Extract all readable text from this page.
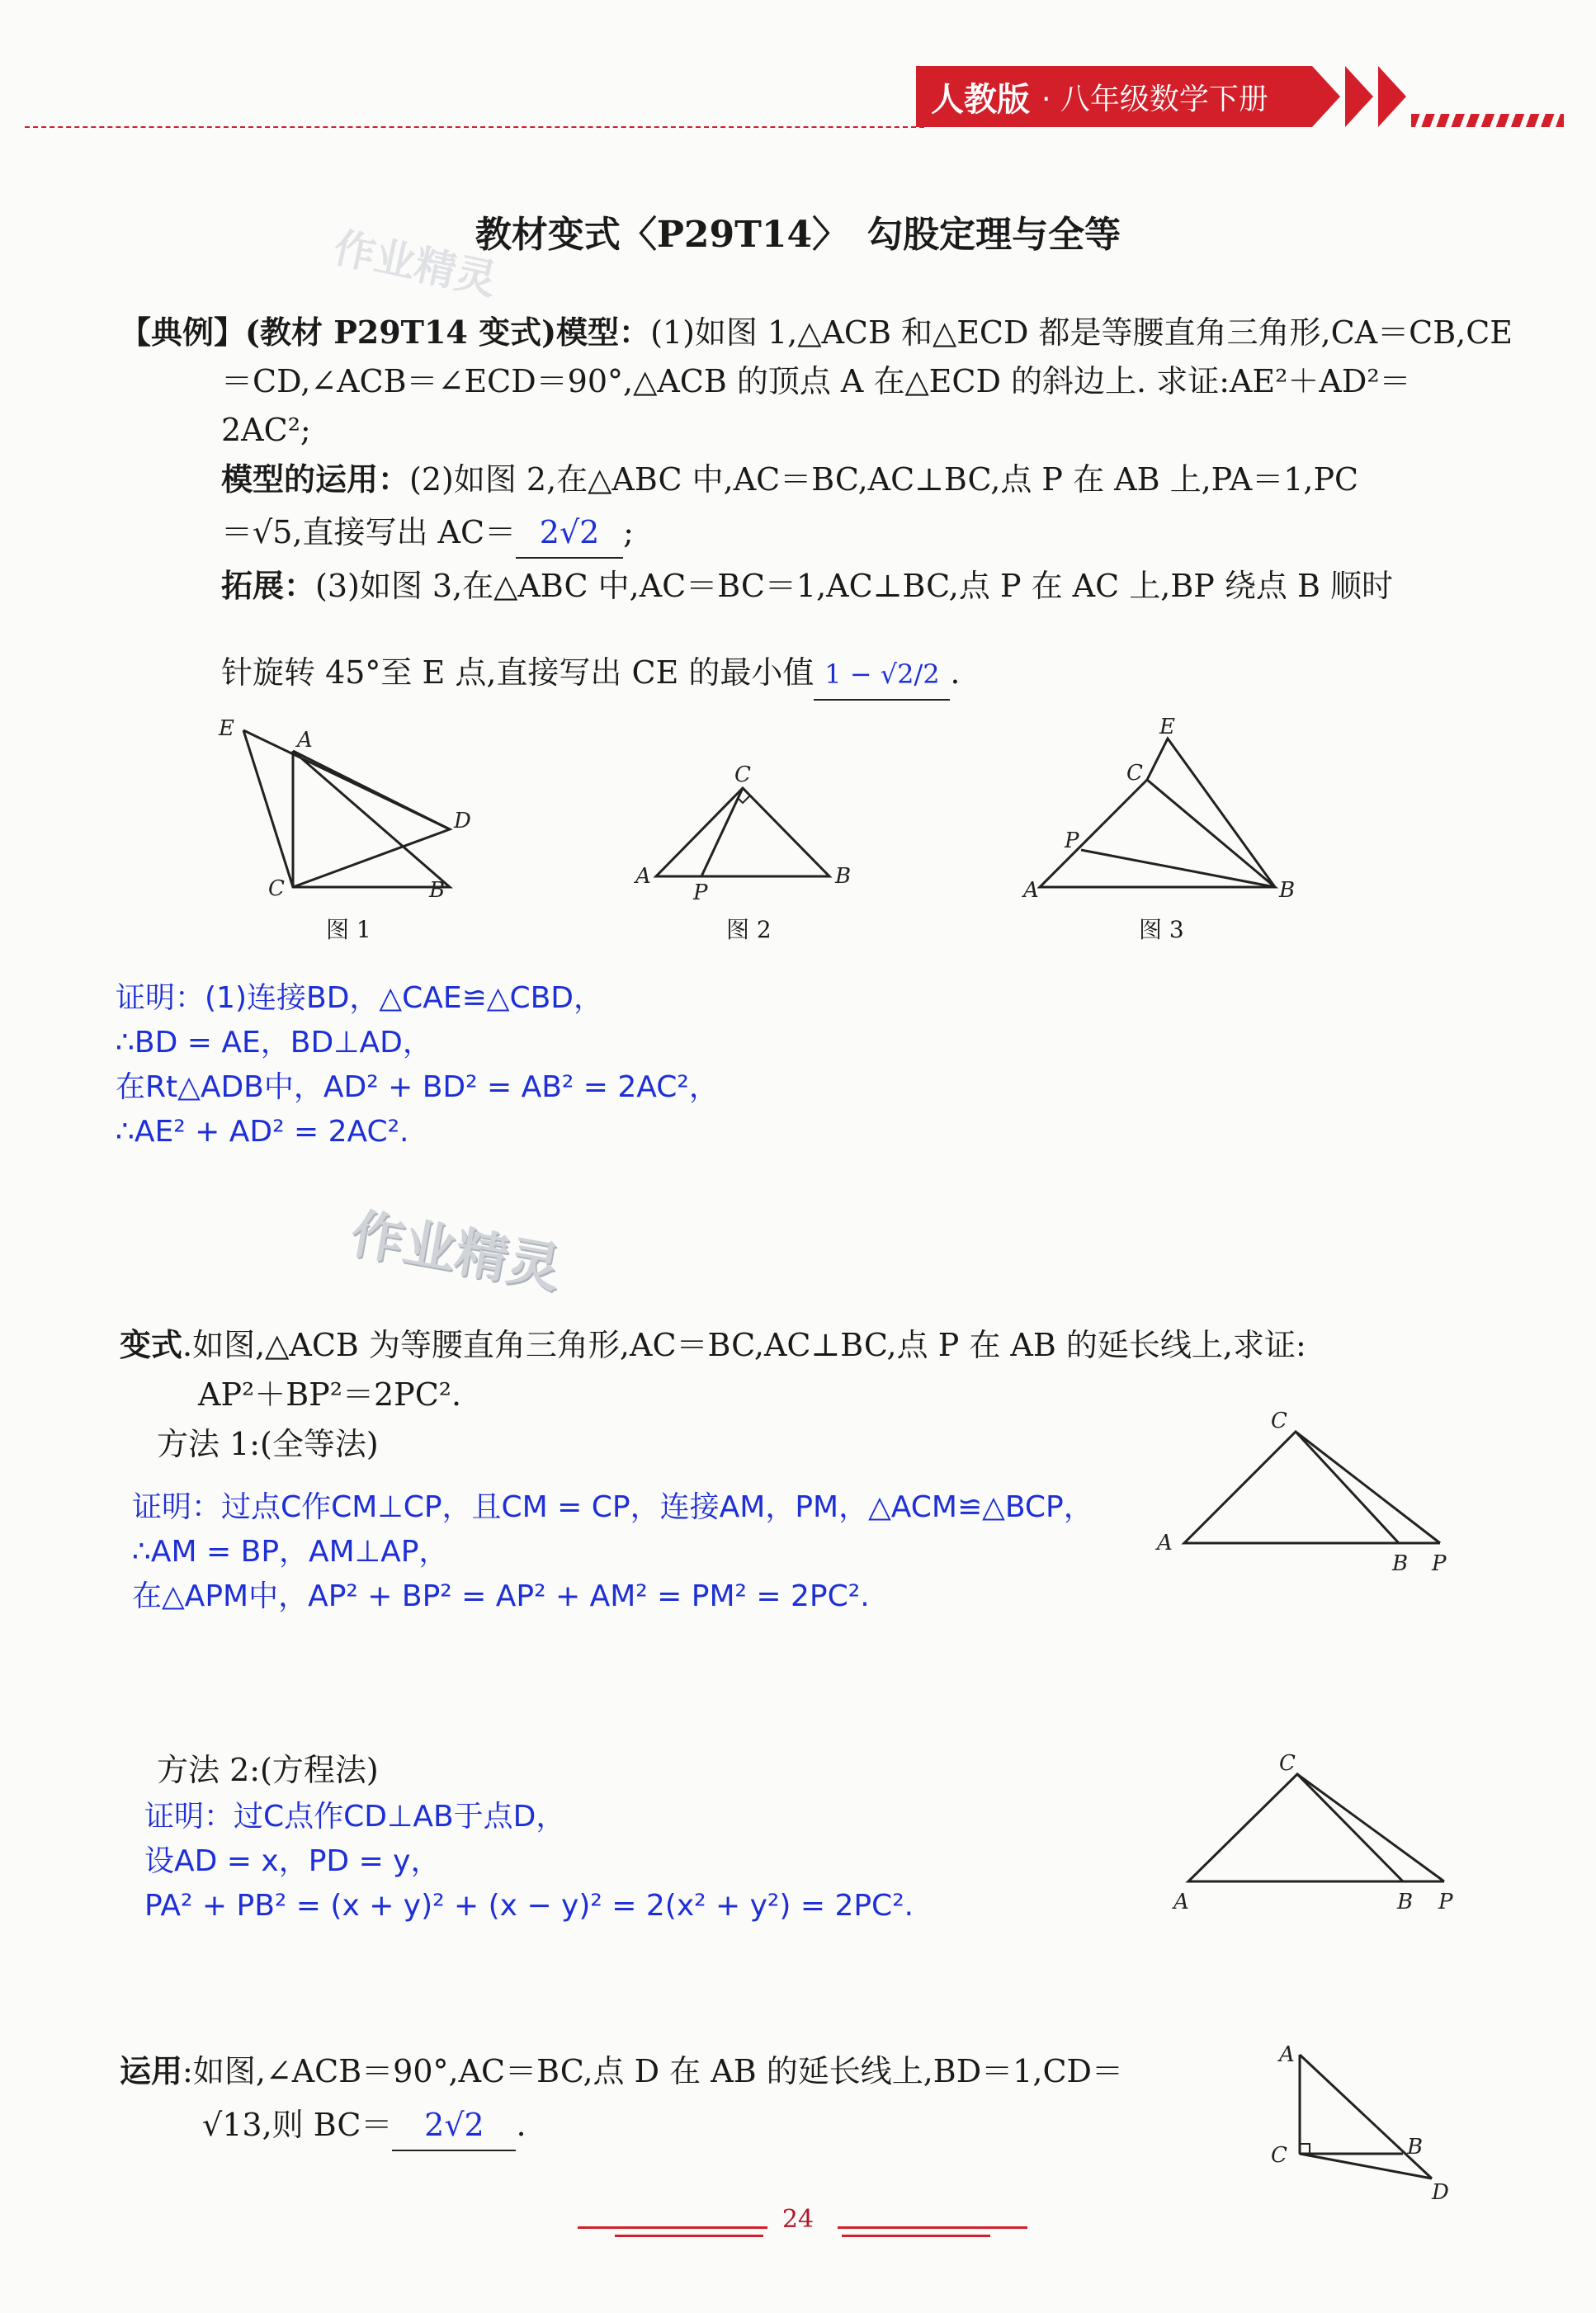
人教版 · 八年级数学下册
作业精灵
教材变式〈P29T14〉　勾股定理与全等
【典例】(教材 P29T14 变式)模型：(1)如图 1,△ACB 和△ECD 都是等腰直角三角形,CA＝CB,CE
＝CD,∠ACB＝∠ECD＝90°,△ACB 的顶点 A 在△ECD 的斜边上. 求证:AE²＋AD²＝
2AC²;
模型的运用：(2)如图 2,在△ABC 中,AC＝BC,AC⊥BC,点 P 在 AB 上,PA＝1,PC
＝√5,直接写出 AC＝ 2√2 ;
拓展：(3)如图 3,在△ABC 中,AC＝BC＝1,AC⊥BC,点 P 在 AC 上,BP 绕点 B 顺时
针旋转 45°至 E 点,直接写出 CE 的最小值 1 − √2/2 .
E	A
D
C	B
C
A
P
B
E
C
P
A	B
图 1	图 2	图 3
证明：(1)连接BD，△CAE≌△CBD，
∴BD = AE，BD⊥AD，
在Rt△ADB中，AD² + BD² = AB² = 2AC²，
∴AE² + AD² = 2AC².
作业精灵
变式.如图,△ACB 为等腰直角三角形,AC＝BC,AC⊥BC,点 P 在 AB 的延长线上,求证:
AP²＋BP²＝2PC².
方法 1:(全等法)
证明：过点C作CM⊥CP，且CM = CP，连接AM，PM，△ACM≌△BCP，
∴AM = BP，AM⊥AP，
在△APM中，AP² + BP² = AP² + AM² = PM² = 2PC².
C
A
B P
方法 2:(方程法)
证明：过C点作CD⊥AB于点D，
设AD = x，PD = y，
PA² + PB² = (x + y)² + (x − y)² = 2(x² + y²) = 2PC².
C
A	B P
运用:如图,∠ACB＝90°,AC＝BC,点 D 在 AB 的延长线上,BD＝1,CD＝
√13,则 BC＝ 2√2 .
A
C	B
D
24
